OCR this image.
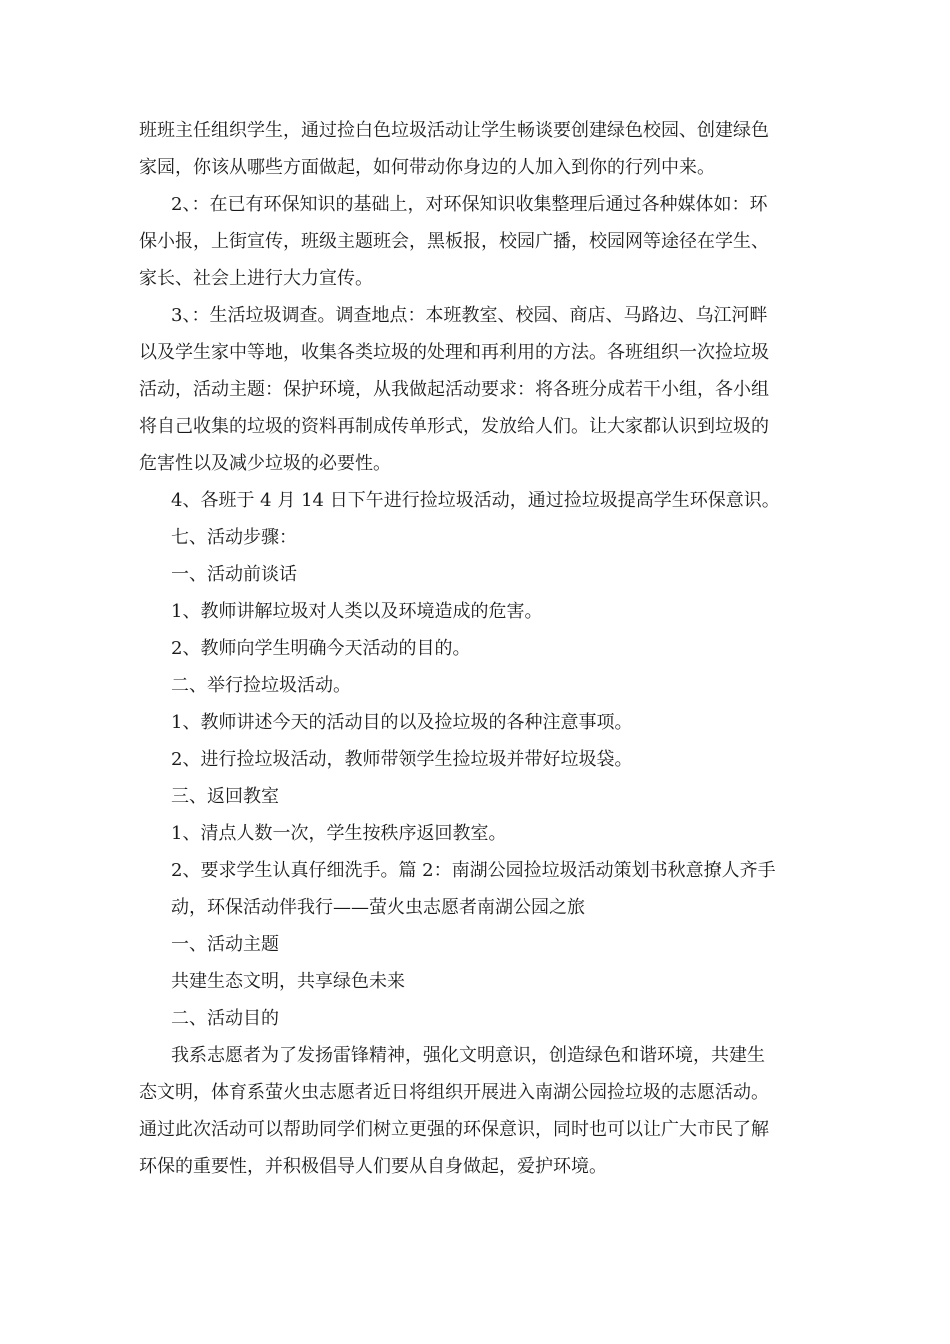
班班主任组织学生，通过捡白色垃圾活动让学生畅谈要创建绿色校园、创建绿色
家园，你该从哪些方面做起，如何带动你身边的人加入到你的行列中来。
2、：在已有环保知识的基础上，对环保知识收集整理后通过各种媒体如：环
保小报，上街宣传，班级主题班会，黑板报，校园广播，校园网等途径在学生、
家长、社会上进行大力宣传。
3、：生活垃圾调查。调查地点：本班教室、校园、商店、马路边、乌江河畔
以及学生家中等地，收集各类垃圾的处理和再利用的方法。各班组织一次捡垃圾
活动，活动主题：保护环境，从我做起活动要求：将各班分成若干小组，各小组
将自己收集的垃圾的资料再制成传单形式，发放给人们。让大家都认识到垃圾的
危害性以及减少垃圾的必要性。
4、各班于 4 月 14 日下午进行捡垃圾活动，通过捡垃圾提高学生环保意识。
七、活动步骤：
一、活动前谈话
1、教师讲解垃圾对人类以及环境造成的危害。
2、教师向学生明确今天活动的目的。
二、举行捡垃圾活动。
1、教师讲述今天的活动目的以及捡垃圾的各种注意事项。
2、进行捡垃圾活动，教师带领学生捡垃圾并带好垃圾袋。
三、返回教室
1、清点人数一次，学生按秩序返回教室。
2、要求学生认真仔细洗手。篇 2：南湖公园捡垃圾活动策划书秋意撩人齐手
动，环保活动伴我行——萤火虫志愿者南湖公园之旅
一、活动主题
共建生态文明，共享绿色未来
二、活动目的
我系志愿者为了发扬雷锋精神，强化文明意识，创造绿色和谐环境，共建生
态文明，体育系萤火虫志愿者近日将组织开展进入南湖公园捡垃圾的志愿活动。
通过此次活动可以帮助同学们树立更强的环保意识，同时也可以让广大市民了解
环保的重要性，并积极倡导人们要从自身做起，爱护环境。
